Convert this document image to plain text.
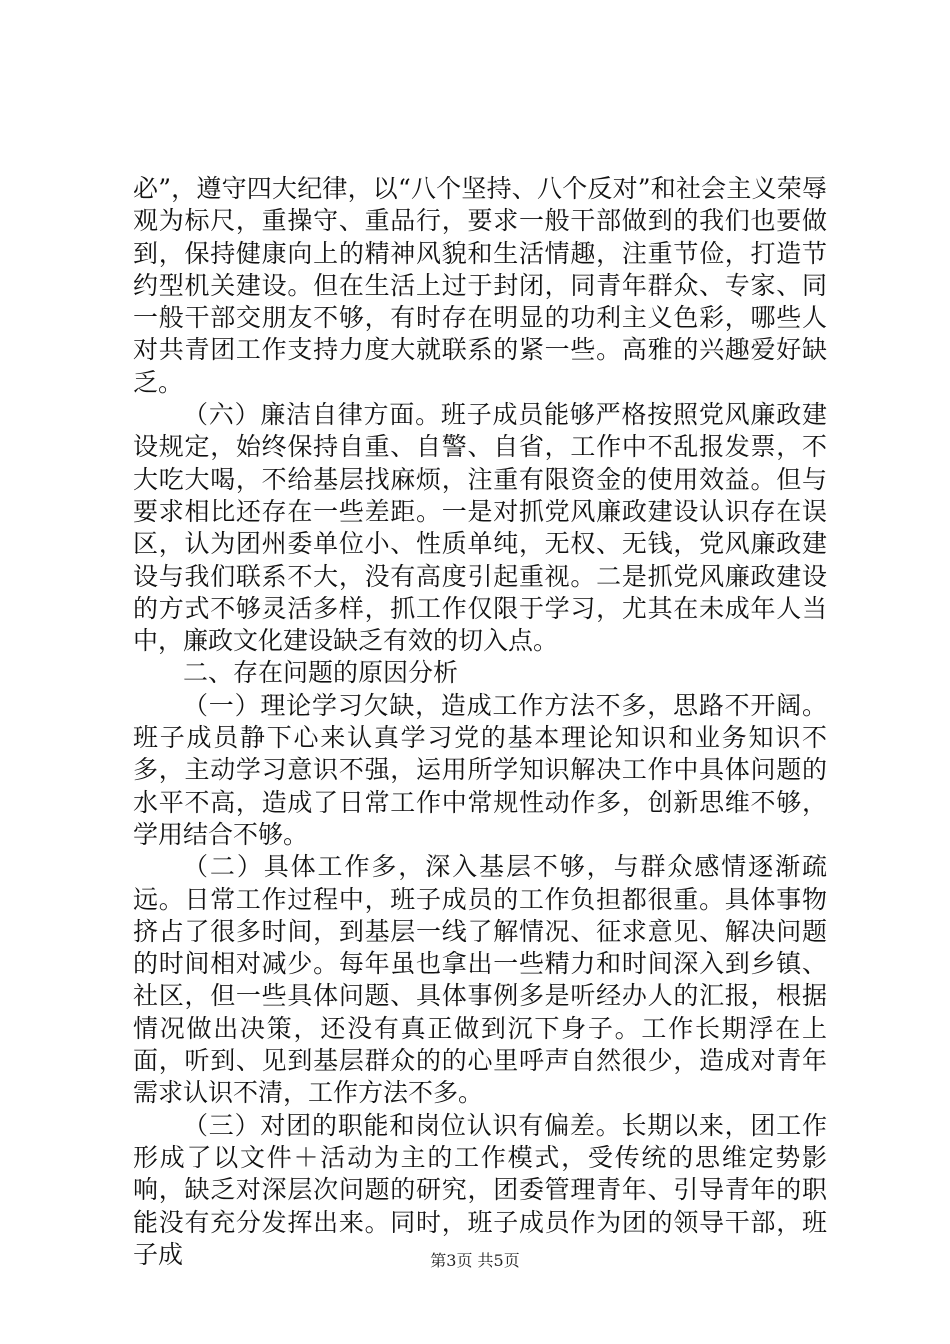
必”，遵守四大纪律，以“八个坚持、八个反对”和社会主义荣辱观为标尺，重操守、重品行，要求一般干部做到的我们也要做到，保持健康向上的精神风貌和生活情趣，注重节俭，打造节约型机关建设。但在生活上过于封闭，同青年群众、专家、同一般干部交朋友不够，有时存在明显的功利主义色彩，哪些人对共青团工作支持力度大就联系的紧一些。高雅的兴趣爱好缺乏。

（六）廉洁自律方面。班子成员能够严格按照党风廉政建设规定，始终保持自重、自警、自省，工作中不乱报发票，不大吃大喝，不给基层找麻烦，注重有限资金的使用效益。但与要求相比还存在一些差距。一是对抓党风廉政建设认识存在误区，认为团州委单位小、性质单纯，无权、无钱，党风廉政建设与我们联系不大，没有高度引起重视。二是抓党风廉政建设的方式不够灵活多样，抓工作仅限于学习，尤其在未成年人当中，廉政文化建设缺乏有效的切入点。

二、存在问题的原因分析

（一）理论学习欠缺，造成工作方法不多，思路不开阔。班子成员静下心来认真学习党的基本理论知识和业务知识不多，主动学习意识不强，运用所学知识解决工作中具体问题的水平不高，造成了日常工作中常规性动作多，创新思维不够，学用结合不够。

（二）具体工作多，深入基层不够，与群众感情逐渐疏远。日常工作过程中，班子成员的工作负担都很重。具体事物挤占了很多时间，到基层一线了解情况、征求意见、解决问题的时间相对减少。每年虽也拿出一些精力和时间深入到乡镇、社区，但一些具体问题、具体事例多是听经办人的汇报，根据情况做出决策，还没有真正做到沉下身子。工作长期浮在上面，听到、见到基层群众的的心里呼声自然很少，造成对青年需求认识不清，工作方法不多。

（三）对团的职能和岗位认识有偏差。长期以来，团工作形成了以文件＋活动为主的工作模式，受传统的思维定势影响，缺乏对深层次问题的研究，团委管理青年、引导青年的职能没有充分发挥出来。同时，班子成员作为团的领导干部，班子成	第3页 共5页
